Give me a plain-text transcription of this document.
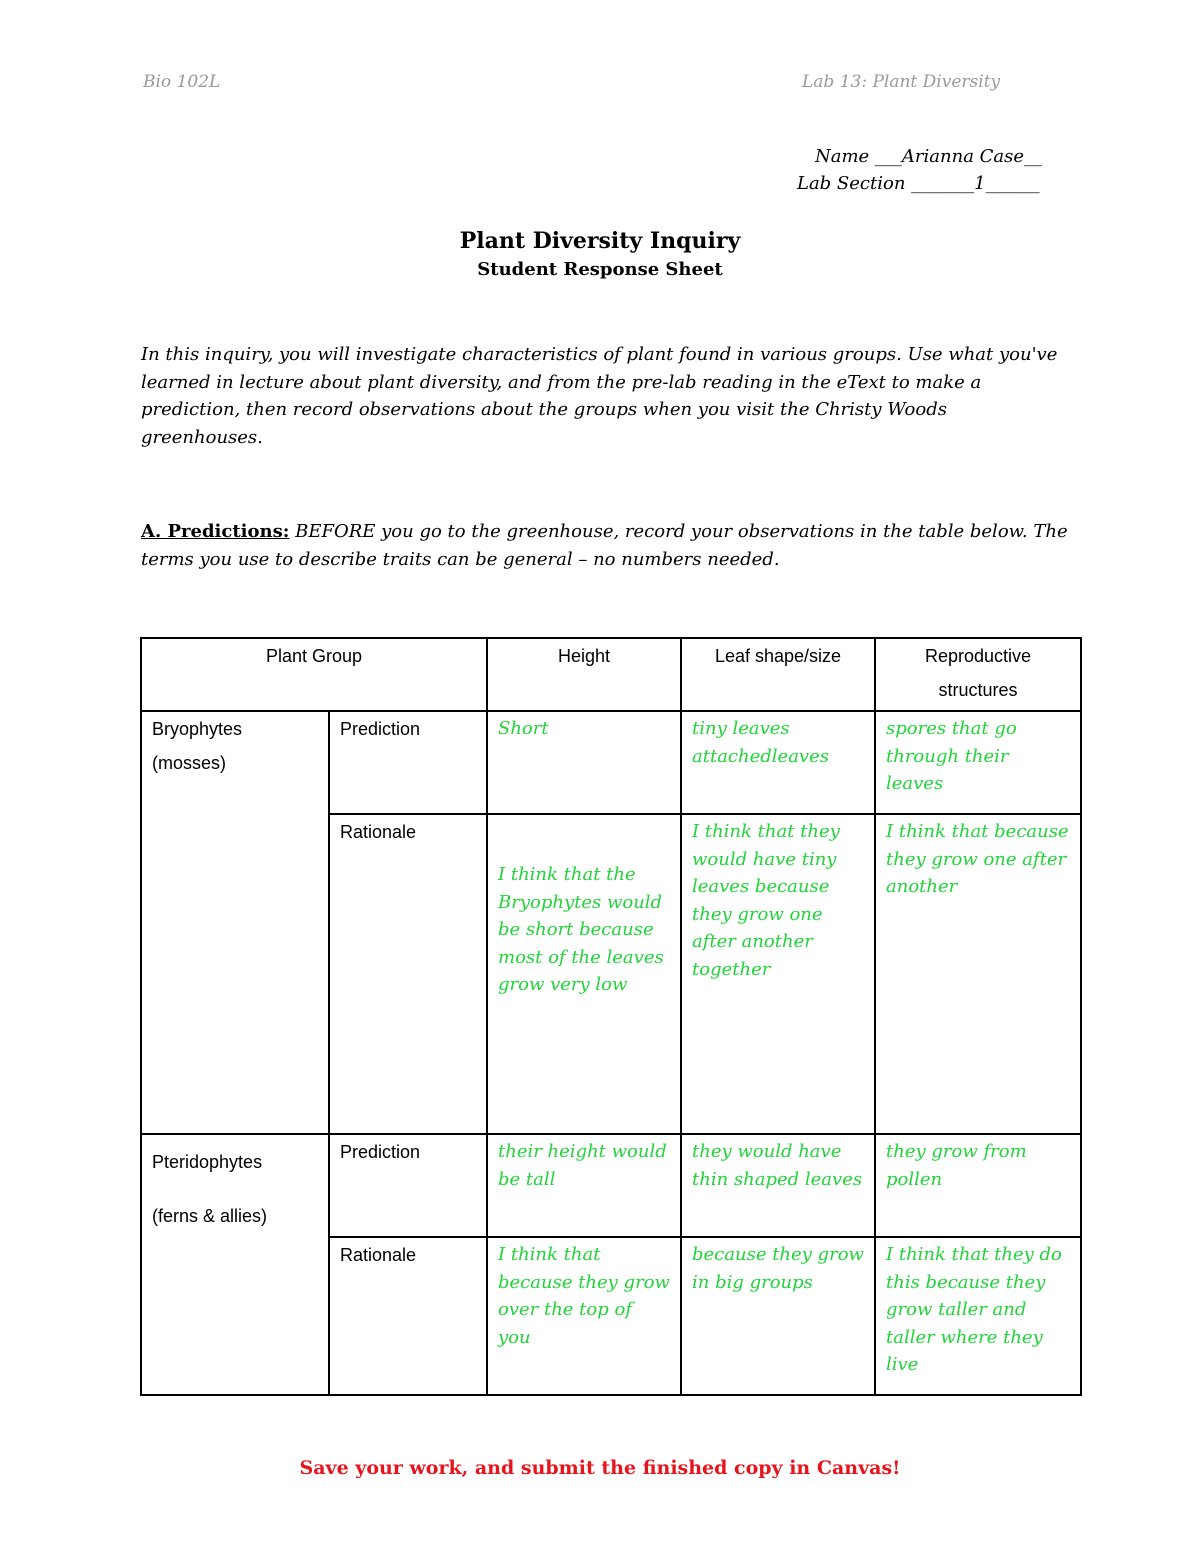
Bio 102L	Lab 13: Plant Diversity
Name ___Arianna Case__
Lab Section _______1______
Plant Diversity Inquiry
Student Response Sheet
In this inquiry, you will investigate characteristics of plant found in various groups. Use what you've learned in lecture about plant diversity, and from the pre-lab reading in the eText to make a prediction, then record observations about the groups when you visit the Christy Woods greenhouses.
A. Predictions: BEFORE you go to the greenhouse, record your observations in the table below. The terms you use to describe traits can be general – no numbers needed.
Plant Group		Height	Leaf shape/size	Reproductive structures

Bryophytes

(mosses)	Prediction	Short	tiny leaves attachedleaves	spores that go through their leaves
	Rationale	I think that the Bryophytes would be short because most of the leaves grow very low	I think that they would have tiny leaves because they grow one after another together	I think that because they grow one after another

Pteridophytes

(ferns & allies)	Prediction	their height would be tall	they would have thin shaped leaves	they grow from pollen
	Rationale	I think that because they grow over the top of you	because they grow in big groups	I think that they do this because they grow taller and taller where they live
Save your work, and submit the finished copy in Canvas!
